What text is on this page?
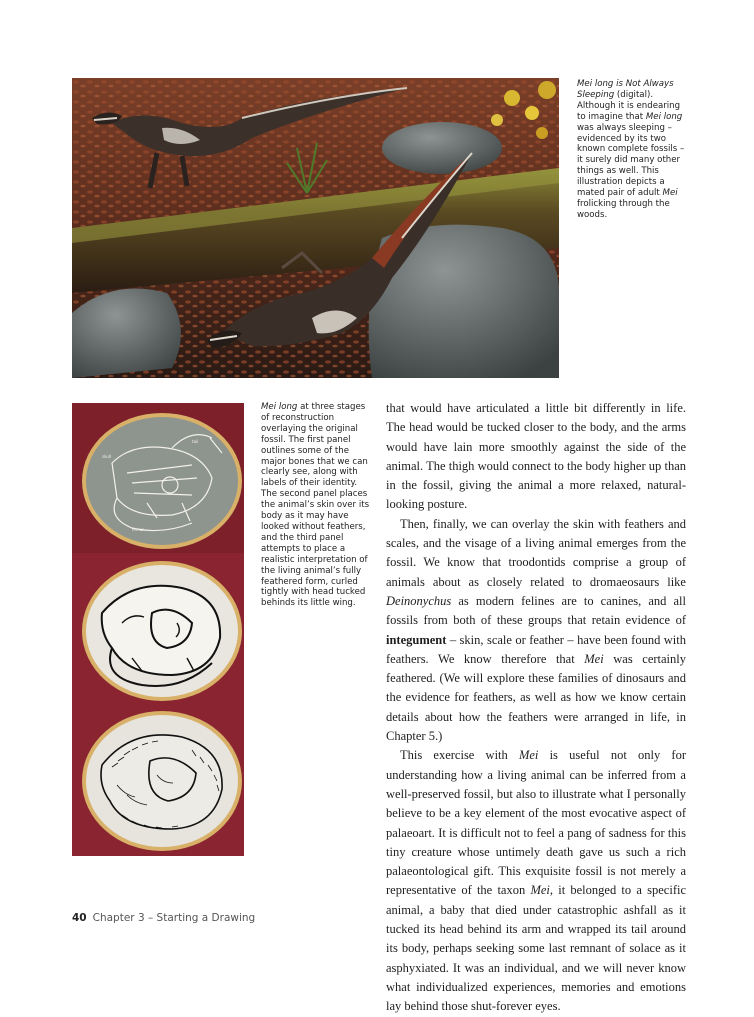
Mei long is Not Always Sleeping (digital). Although it is endearing to imagine that Mei long was always sleeping – evidenced by its two known complete fossils – it surely did many other things as well. This illustration depicts a mated pair of adult Mei frolicking through the woods.
skull
tail
femur
Mei long at three stages of reconstruction overlaying the original fossil. The first panel outlines some of the major bones that we can clearly see, along with labels of their identity. The second panel places the animal’s skin over its body as it may have looked without feathers, and the third panel attempts to place a realistic interpretation of the living animal’s fully feathered form, curled tightly with head tucked behinds its little wing.

that would have articulated a little bit differently in life. The head would be tucked closer to the body, and the arms would have lain more smoothly against the side of the animal. The thigh would connect to the body higher up than in the fossil, giving the animal a more relaxed, natural-looking posture.

Then, finally, we can overlay the skin with feathers and scales, and the visage of a living animal emerges from the fossil. We know that troodontids comprise a group of animals about as closely related to dromaeosaurs like Deinonychus as modern felines are to canines, and all fossils from both of these groups that retain evidence of integument – skin, scale or feather – have been found with feathers. We know therefore that Mei was certainly feathered. (We will explore these families of dinosaurs and the evidence for feathers, as well as how we know certain details about how the feathers were arranged in life, in Chapter 5.)

This exercise with Mei is useful not only for understanding how a living animal can be inferred from a well-preserved fossil, but also to illustrate what I personally believe to be a key element of the most evocative aspect of palaeoart. It is difficult not to feel a pang of sadness for this tiny creature whose untimely death gave us such a rich palaeontological gift. This exquisite fossil is not merely a representative of the taxon Mei, it belonged to a specific animal, a baby that died under catastrophic ashfall as it tucked its head behind its arm and wrapped its tail around its body, perhaps seeking some last remnant of solace as it asphyxiated. It was an individual, and we will never know what individualized experiences, memories and emotions lay behind those shut-forever eyes.

40 Chapter 3 – Starting a Drawing
